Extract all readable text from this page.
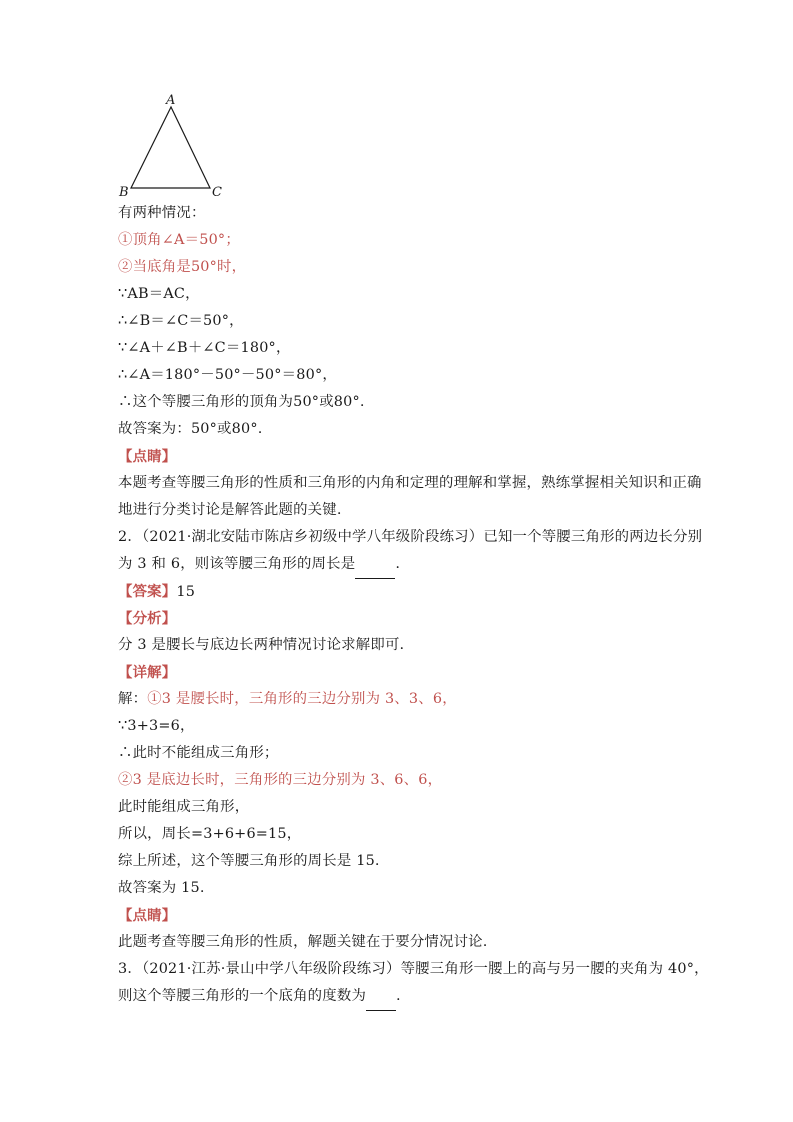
A
B	C
有两种情况：
①顶角∠A＝50°；
②当底角是50°时，
∵AB＝AC，
∴∠B＝∠C＝50°，
∵∠A＋∠B＋∠C＝180°，
∴∠A＝180°－50°－50°＝80°，
∴这个等腰三角形的顶角为50°或80°.
故答案为：50°或80°.
【点睛】
本题考查等腰三角形的性质和三角形的内角和定理的理解和掌握，熟练掌握相关知识和正确
地进行分类讨论是解答此题的关键.
2．（2021·湖北安陆市陈店乡初级中学八年级阶段练习）已知一个等腰三角形的两边长分别
为 3 和 6，则该等腰三角形的周长是	.
【答案】15
【分析】
分 3 是腰长与底边长两种情况讨论求解即可.
【详解】
解：①3 是腰长时，三角形的三边分别为 3、3、6，
∵3+3=6，
∴此时不能组成三角形；
②3 是底边长时，三角形的三边分别为 3、6、6，
此时能组成三角形，
所以，周长=3+6+6=15，
综上所述，这个等腰三角形的周长是 15.
故答案为 15.
【点睛】
此题考查等腰三角形的性质，解题关键在于要分情况讨论.
3．（2021·江苏·景山中学八年级阶段练习）等腰三角形一腰上的高与另一腰的夹角为 40°，
则这个等腰三角形的一个底角的度数为 .
